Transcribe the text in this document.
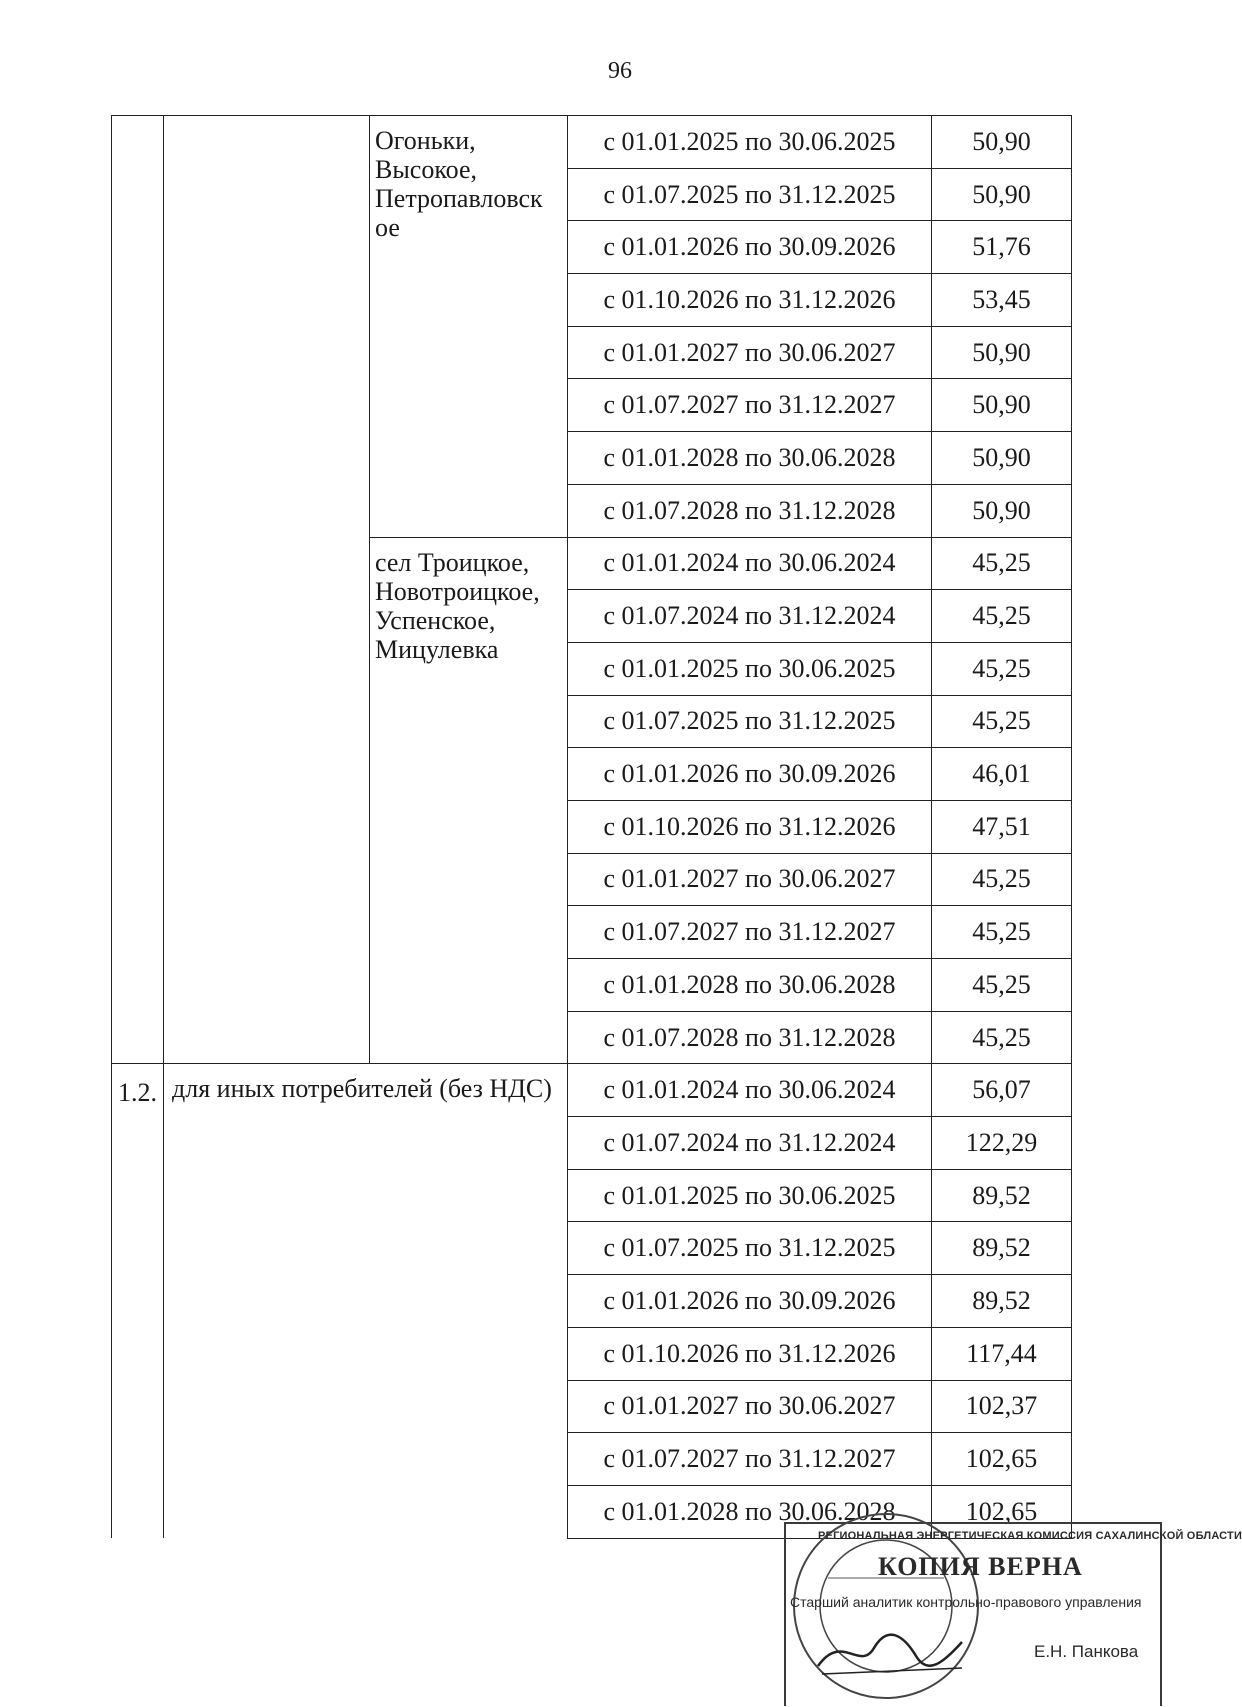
96
		Огоньки, Высокое, Петропавловск ое	с 01.01.2025 по 30.06.2025	50,90
			с 01.07.2025 по 31.12.2025	50,90
			с 01.01.2026 по 30.09.2026	51,76
			с 01.10.2026 по 31.12.2026	53,45
			с 01.01.2027 по 30.06.2027	50,90
			с 01.07.2027 по 31.12.2027	50,90
			с 01.01.2028 по 30.06.2028	50,90
			с 01.07.2028 по 31.12.2028	50,90
		сел Троицкое, Новотроицкое, Успенское, Мицулевка	с 01.01.2024 по 30.06.2024	45,25
			с 01.07.2024 по 31.12.2024	45,25
			с 01.01.2025 по 30.06.2025	45,25
			с 01.07.2025 по 31.12.2025	45,25
			с 01.01.2026 по 30.09.2026	46,01
			с 01.10.2026 по 31.12.2026	47,51
			с 01.01.2027 по 30.06.2027	45,25
			с 01.07.2027 по 31.12.2027	45,25
			с 01.01.2028 по 30.06.2028	45,25
			с 01.07.2028 по 31.12.2028	45,25
1.2.	для иных потребителей (без НДС)		с 01.01.2024 по 30.06.2024	56,07
			с 01.07.2024 по 31.12.2024	122,29
			с 01.01.2025 по 30.06.2025	89,52
			с 01.07.2025 по 31.12.2025	89,52
			с 01.01.2026 по 30.09.2026	89,52
			с 01.10.2026 по 31.12.2026	117,44
			с 01.01.2027 по 30.06.2027	102,37
			с 01.07.2027 по 31.12.2027	102,65
			с 01.01.2028 по 30.06.2028	102,65
РЕГИОНАЛЬНАЯ ЭНЕРГЕТИЧЕСКАЯ КОМИССИЯ САХАЛИНСКОЙ ОБЛАСТИ
КОПИЯ ВЕРНА
Старший аналитик контрольно-правового управления
Е.Н. Панкова
